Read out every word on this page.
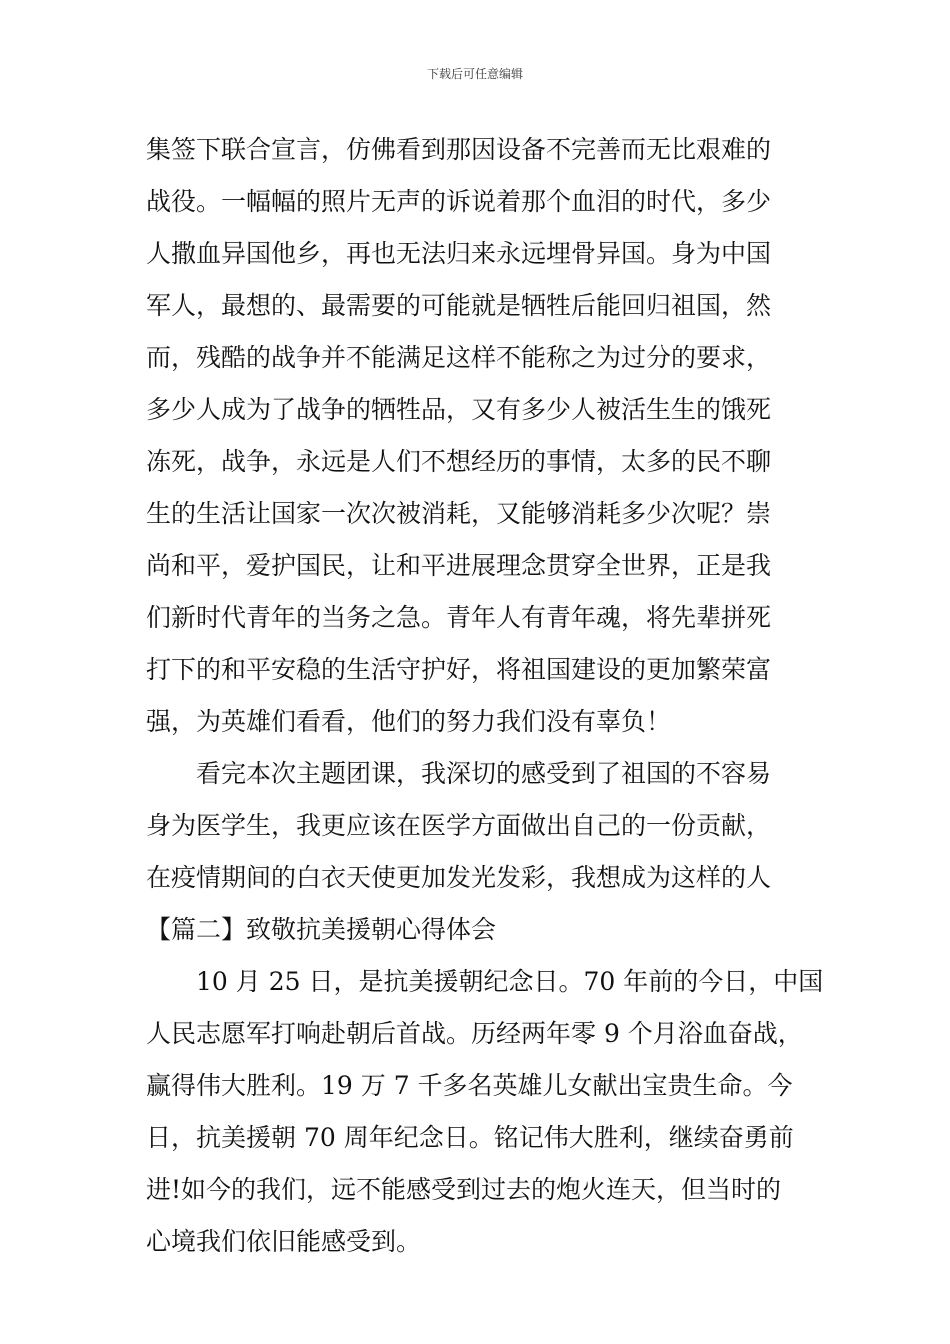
下载后可任意编辑
集签下联合宣言，仿佛看到那因设备不完善而无比艰难的
战役。一幅幅的照片无声的诉说着那个血泪的时代，多少
人撒血异国他乡，再也无法归来永远埋骨异国。身为中国
军人，最想的、最需要的可能就是牺牲后能回归祖国，然
而，残酷的战争并不能满足这样不能称之为过分的要求，
多少人成为了战争的牺牲品，又有多少人被活生生的饿死
冻死，战争，永远是人们不想经历的事情，太多的民不聊
生的生活让国家一次次被消耗，又能够消耗多少次呢？崇
尚和平，爱护国民，让和平进展理念贯穿全世界，正是我
们新时代青年的当务之急。青年人有青年魂，将先辈拼死
打下的和平安稳的生活守护好，将祖国建设的更加繁荣富
强，为英雄们看看，他们的努力我们没有辜负！
看完本次主题团课，我深切的感受到了祖国的不容易
身为医学生，我更应该在医学方面做出自己的一份贡献，
在疫情期间的白衣天使更加发光发彩，我想成为这样的人
【篇二】致敬抗美援朝心得体会
10 月 25 日，是抗美援朝纪念日。70 年前的今日，中国
人民志愿军打响赴朝后首战。历经两年零 9 个月浴血奋战，
赢得伟大胜利。19 万 7 千多名英雄儿女献出宝贵生命。今
日，抗美援朝 70 周年纪念日。铭记伟大胜利，继续奋勇前
进!如今的我们，远不能感受到过去的炮火连天，但当时的
心境我们依旧能感受到。
